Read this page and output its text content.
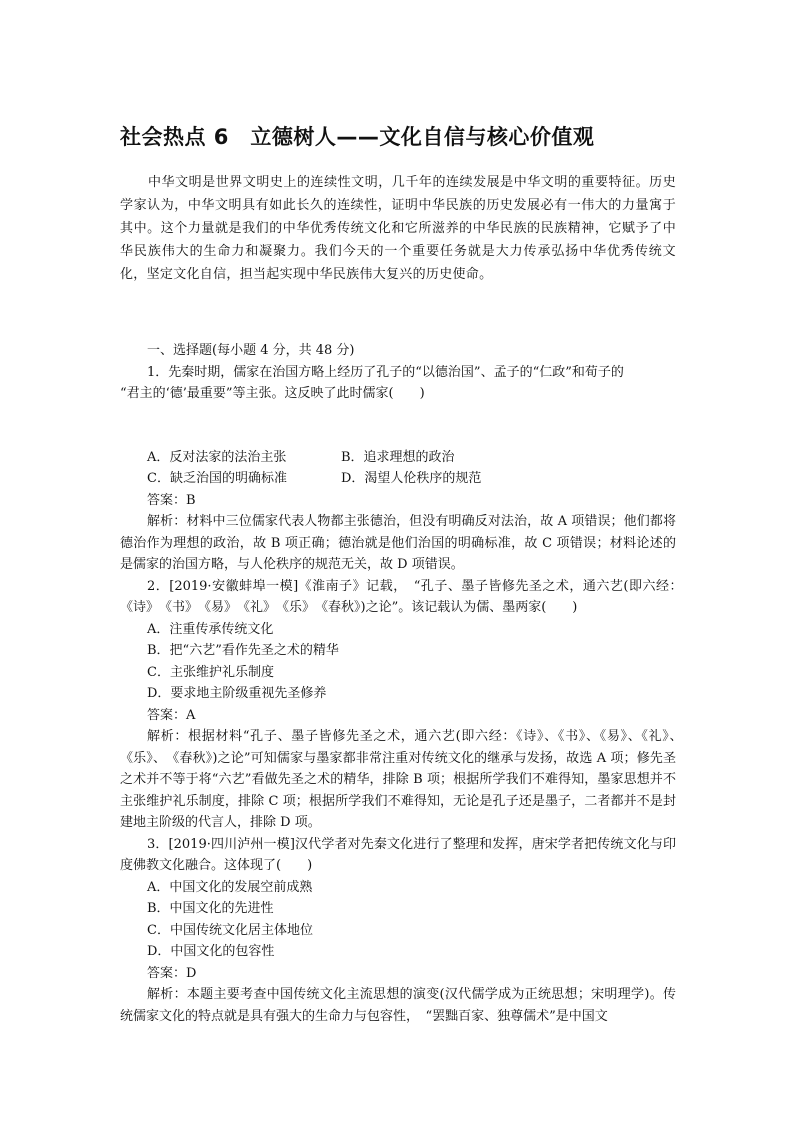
社会热点 6　立德树人——文化自信与核心价值观

中华文明是世界文明史上的连续性文明，几千年的连续发展是中华文明的重要特征。历史学家认为，中华文明具有如此长久的连续性，证明中华民族的历史发展必有一伟大的力量寓于其中。这个力量就是我们的中华优秀传统文化和它所滋养的中华民族的民族精神，它赋予了中华民族伟大的生命力和凝聚力。我们今天的一个重要任务就是大力传承弘扬中华优秀传统文化，坚定文化自信，担当起实现中华民族伟大复兴的历史使命。

一、选择题(每小题 4 分，共 48 分)

1．先秦时期，儒家在治国方略上经历了孔子的“以德治国”、孟子的“仁政”和荀子的

“君主的‘德’最重要”等主张。这反映了此时儒家(　　)

A．反对法家的法治主张	B．追求理想的政治
C．缺乏治国的明确标准	D．渴望人伦秩序的规范

答案：B

解析：材料中三位儒家代表人物都主张德治，但没有明确反对法治，故 A 项错误；他们都将德治作为理想的政治，故 B 项正确；德治就是他们治国的明确标准，故 C 项错误；材料论述的是儒家的治国方略，与人伦秩序的规范无关，故 D 项错误。

2．[2019·安徽蚌埠一模]《淮南子》记载，　“孔子、墨子皆修先圣之术，通六艺(即六经：　《诗》　《书》　《易》　《礼》　《乐》　《春秋》)之论”。该记载认为儒、墨两家(　　)

A．注重传承传统文化

B．把“六艺”看作先圣之术的精华

C．主张维护礼乐制度

D．要求地主阶级重视先圣修养

答案：A

解析：根据材料“孔子、墨子皆修先圣之术，通六艺(即六经：《诗》、《书》、《易》、《礼》、　《乐》、　《春秋》)之论”可知儒家与墨家都非常注重对传统文化的继承与发扬，故选 A 项；修先圣之术并不等于将“六艺”看做先圣之术的精华，排除 B 项；根据所学我们不难得知，墨家思想并不主张维护礼乐制度，排除 C 项；根据所学我们不难得知，无论是孔子还是墨子，二者都并不是封建地主阶级的代言人，排除 D 项。

3．[2019·四川泸州一模]汉代学者对先秦文化进行了整理和发挥，唐宋学者把传统文化与印度佛教文化融合。这体现了(　　)

A．中国文化的发展空前成熟

B．中国文化的先进性

C．中国传统文化居主体地位

D．中国文化的包容性

答案：D

解析：本题主要考查中国传统文化主流思想的演变(汉代儒学成为正统思想；宋明理学)。传统儒家文化的特点就是具有强大的生命力与包容性，　“罢黜百家、独尊儒术”是中国文
